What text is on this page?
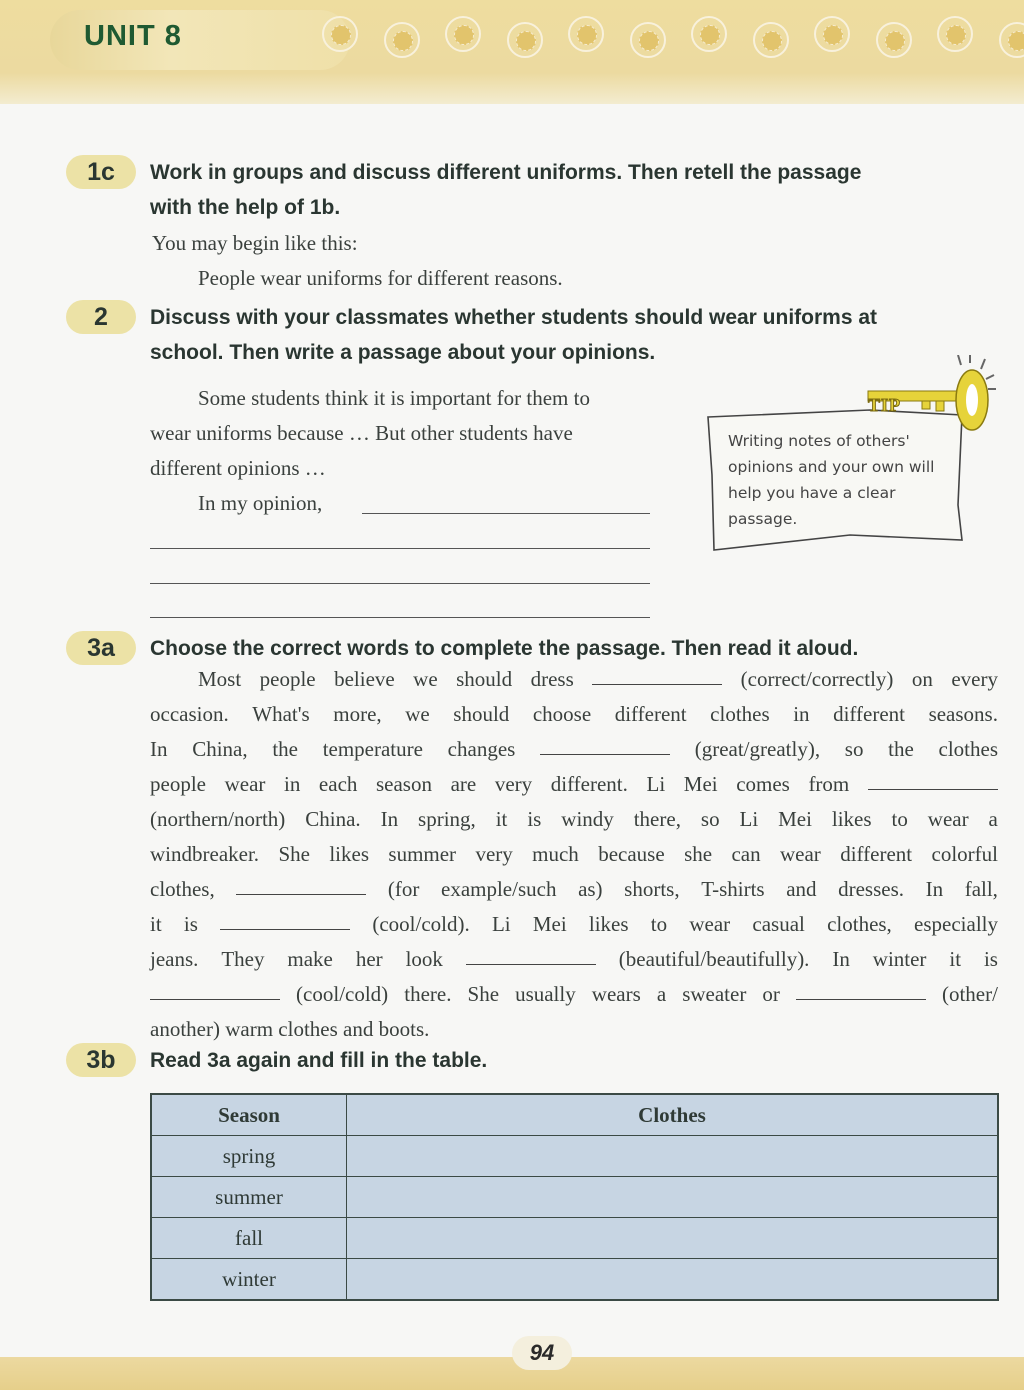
UNIT 8
1c	Work in groups and discuss different uniforms. Then retell the passage
with the help of 1b.
You may begin like this:
People wear uniforms for different reasons.
2	Discuss with your classmates whether students should wear uniforms at
school. Then write a passage about your opinions.
Some students think it is important for them to
wear uniforms because … But other students have
different opinions …
In my opinion,
TIP
Writing notes of others' opinions and your own will help you have a clear passage.
3a	Choose the correct words to complete the passage. Then read it aloud.
Most people believe we should dress	(correct/correctly) on every
occasion. What's more, we should choose different clothes in different seasons.
In China, the temperature changes	(great/greatly), so the clothes
people wear in each season are very different. Li Mei comes from
(northern/north) China. In spring, it is windy there, so Li Mei likes to wear a
windbreaker. She likes summer very much because she can wear different colorful
clothes,	(for example/such as) shorts, T-shirts and dresses. In fall,
it is	(cool/cold). Li Mei likes to wear casual clothes, especially
jeans. They make her look	(beautiful/beautifully). In winter it is
(cool/cold) there. She usually wears a sweater or	(other/
another) warm clothes and boots.
3b	Read 3a again and fill in the table.
Season	Clothes
spring	
summer	
fall	
winter	
94
